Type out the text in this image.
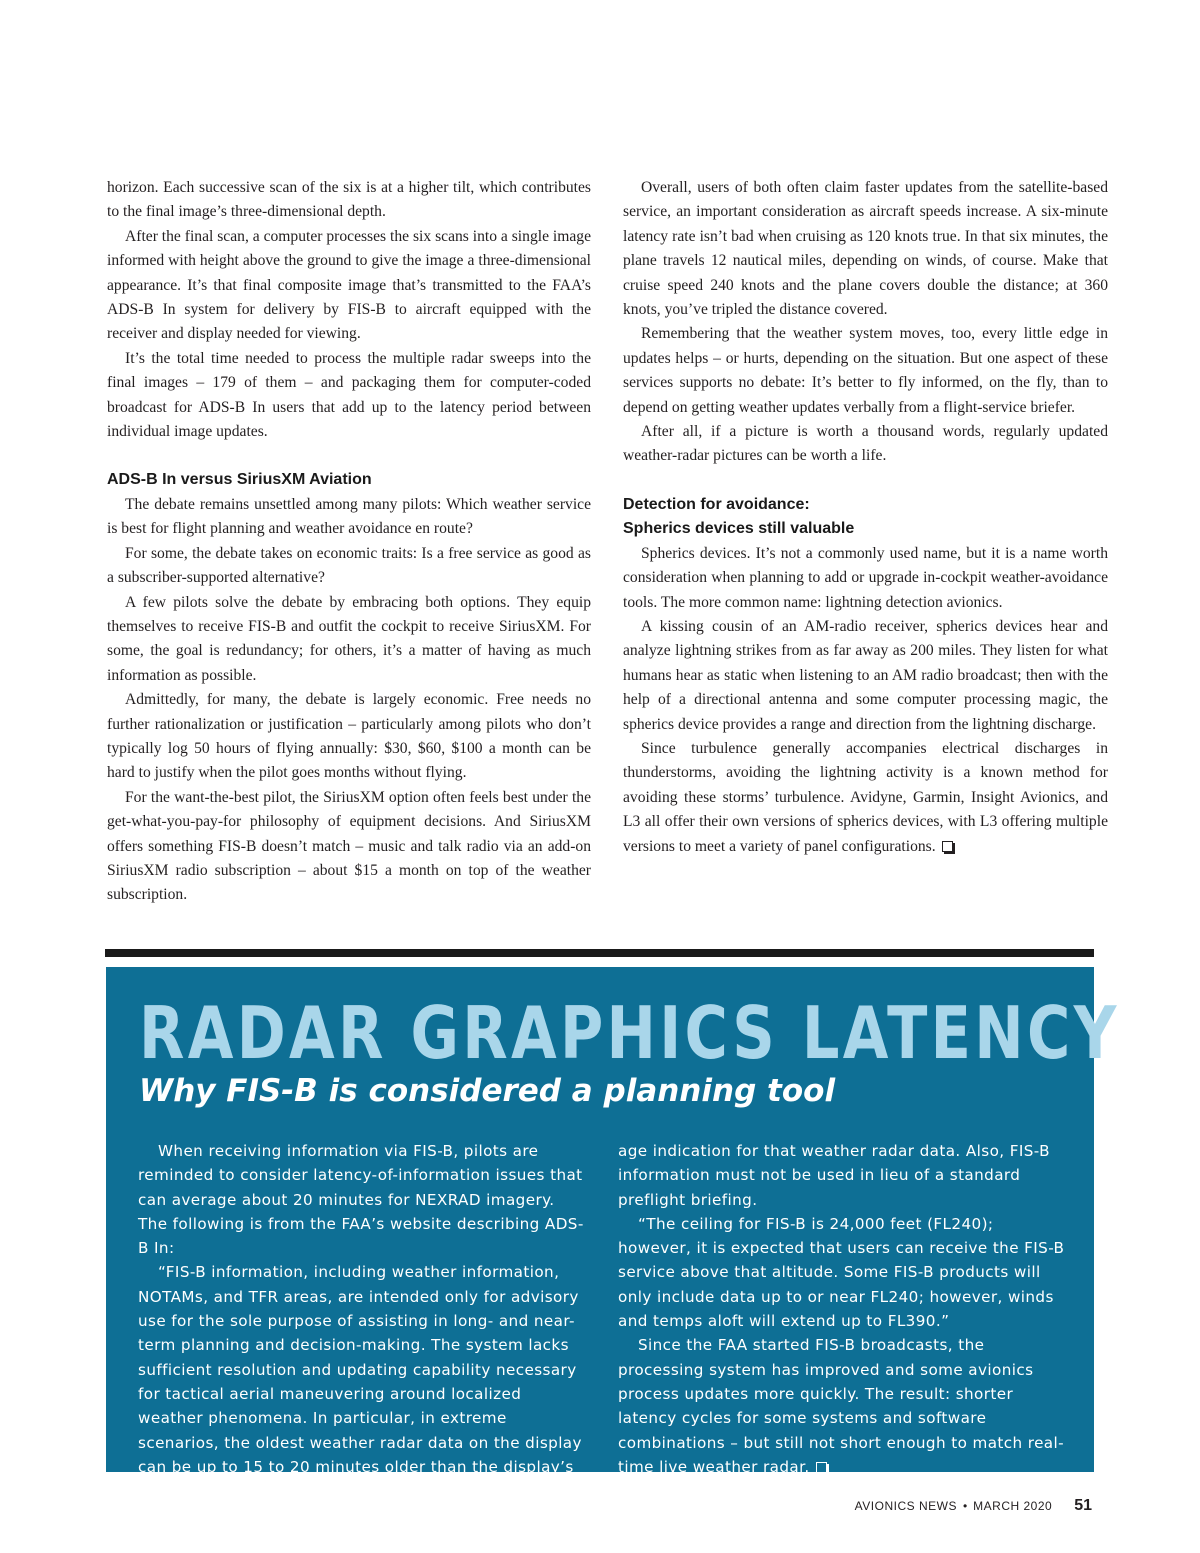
horizon. Each successive scan of the six is at a higher tilt, which contributes to the final image’s three-dimensional depth.

After the final scan, a computer processes the six scans into a single image informed with height above the ground to give the image a three-dimensional appearance. It’s that final composite image that’s transmitted to the FAA’s ADS-B In system for delivery by FIS-B to aircraft equipped with the receiver and display needed for viewing.

It’s the total time needed to process the multiple radar sweeps into the final images – 179 of them – and packaging them for computer-coded broadcast for ADS-B In users that add up to the latency period between individual image updates.

ADS-B In versus SiriusXM Aviation

The debate remains unsettled among many pilots: Which weather service is best for flight planning and weather avoidance en route?

For some, the debate takes on economic traits: Is a free service as good as a subscriber-supported alternative?

A few pilots solve the debate by embracing both options. They equip themselves to receive FIS-B and outfit the cockpit to receive SiriusXM. For some, the goal is redundancy; for others, it’s a matter of having as much information as possible.

Admittedly, for many, the debate is largely economic. Free needs no further rationalization or justification – particularly among pilots who don’t typically log 50 hours of flying annually: $30, $60, $100 a month can be hard to justify when the pilot goes months without flying.

For the want-the-best pilot, the SiriusXM option often feels best under the get-what-you-pay-for philosophy of equipment decisions. And SiriusXM offers something FIS-B doesn’t match – music and talk radio via an add-on SiriusXM radio subscription – about $15 a month on top of the weather subscription.

Overall, users of both often claim faster updates from the satellite-based service, an important consideration as aircraft speeds increase. A six-minute latency rate isn’t bad when cruising as 120 knots true. In that six minutes, the plane travels 12 nautical miles, depending on winds, of course. Make that cruise speed 240 knots and the plane covers double the distance; at 360 knots, you’ve tripled the distance covered.

Remembering that the weather system moves, too, every little edge in updates helps – or hurts, depending on the situation. But one aspect of these services supports no debate: It’s better to fly informed, on the fly, than to depend on getting weather updates verbally from a flight-service briefer.

After all, if a picture is worth a thousand words, regularly updated weather-radar pictures can be worth a life.

Detection for avoidance:
Spherics devices still valuable

Spherics devices. It’s not a commonly used name, but it is a name worth consideration when planning to add or upgrade in-cockpit weather-avoidance tools. The more common name: lightning detection avionics.

A kissing cousin of an AM-radio receiver, spherics devices hear and analyze lightning strikes from as far away as 200 miles. They listen for what humans hear as static when listening to an AM radio broadcast; then with the help of a directional antenna and some computer processing magic, the spherics device provides a range and direction from the lightning discharge.

Since turbulence generally accompanies electrical discharges in thunderstorms, avoiding the lightning activity is a known method for avoiding these storms’ turbulence. Avidyne, Garmin, Insight Avionics, and L3 all offer their own versions of spherics devices, with L3 offering multiple versions to meet a variety of panel configurations.

RADAR GRAPHICS LATENCY
Why FIS-B is considered a planning tool

When receiving information via FIS-B, pilots are reminded to consider latency-of-information issues that can average about 20 minutes for NEXRAD imagery. The following is from the FAA’s website describing ADS-B In:

“FIS-B information, including weather information, NOTAMs, and TFR areas, are intended only for advisory use for the sole purpose of assisting in long- and near-term planning and decision-making. The system lacks sufficient resolution and updating capability necessary for tactical aerial maneuvering around localized weather phenomena. In particular, in extreme scenarios, the oldest weather radar data on the display can be up to 15 to 20 minutes older than the display’s

age indication for that weather radar data. Also, FIS-B information must not be used in lieu of a standard preflight briefing.

“The ceiling for FIS-B is 24,000 feet (FL240); however, it is expected that users can receive the FIS-B service above that altitude. Some FIS-B products will only include data up to or near FL240; however, winds and temps aloft will extend up to FL390.”

Since the FAA started FIS-B broadcasts, the processing system has improved and some avionics process updates more quickly. The result: shorter latency cycles for some systems and software combinations – but still not short enough to match real-time live weather radar.

AVIONICS NEWS • MARCH 2020 51
